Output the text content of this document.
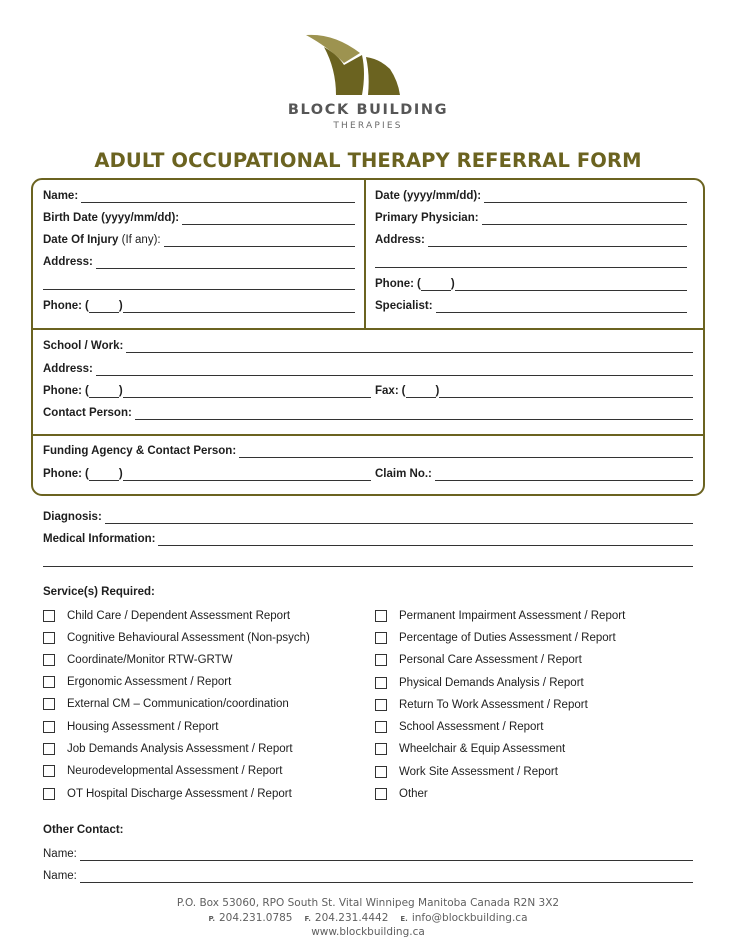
BLOCK BUILDING
THERAPIES
ADULT OCCUPATIONAL THERAPY REFERRAL FORM
Name:
Birth Date (yyyy/mm/dd):
Date Of Injury (If any):
Address:
Phone: (	)
Date (yyyy/mm/dd):
Primary Physician:
Address:
Phone: (	)
Specialist:
School / Work:
Address:
Phone: (	)	Fax: (	)
Contact Person:
Funding Agency & Contact Person:
Phone: (	)	Claim No.:
Diagnosis:
Medical Information:
Service(s) Required:
Child Care / Dependent Assessment Report
Cognitive Behavioural Assessment (Non-psych)
Coordinate/Monitor RTW-GRTW
Ergonomic Assessment / Report
External CM – Communication/coordination
Housing Assessment / Report
Job Demands Analysis Assessment / Report
Neurodevelopmental Assessment / Report
OT Hospital Discharge Assessment / Report
Permanent Impairment Assessment / Report
Percentage of Duties Assessment / Report
Personal Care Assessment / Report
Physical Demands Analysis / Report
Return To Work Assessment / Report
School Assessment / Report
Wheelchair & Equip Assessment
Work Site Assessment / Report
Other
Other Contact:
Name:
Name:
P.O. Box 53060, RPO South St. Vital Winnipeg Manitoba Canada R2N 3X2
P. 204.231.0785 F. 204.231.4442 E. info@blockbuilding.ca
www.blockbuilding.ca
